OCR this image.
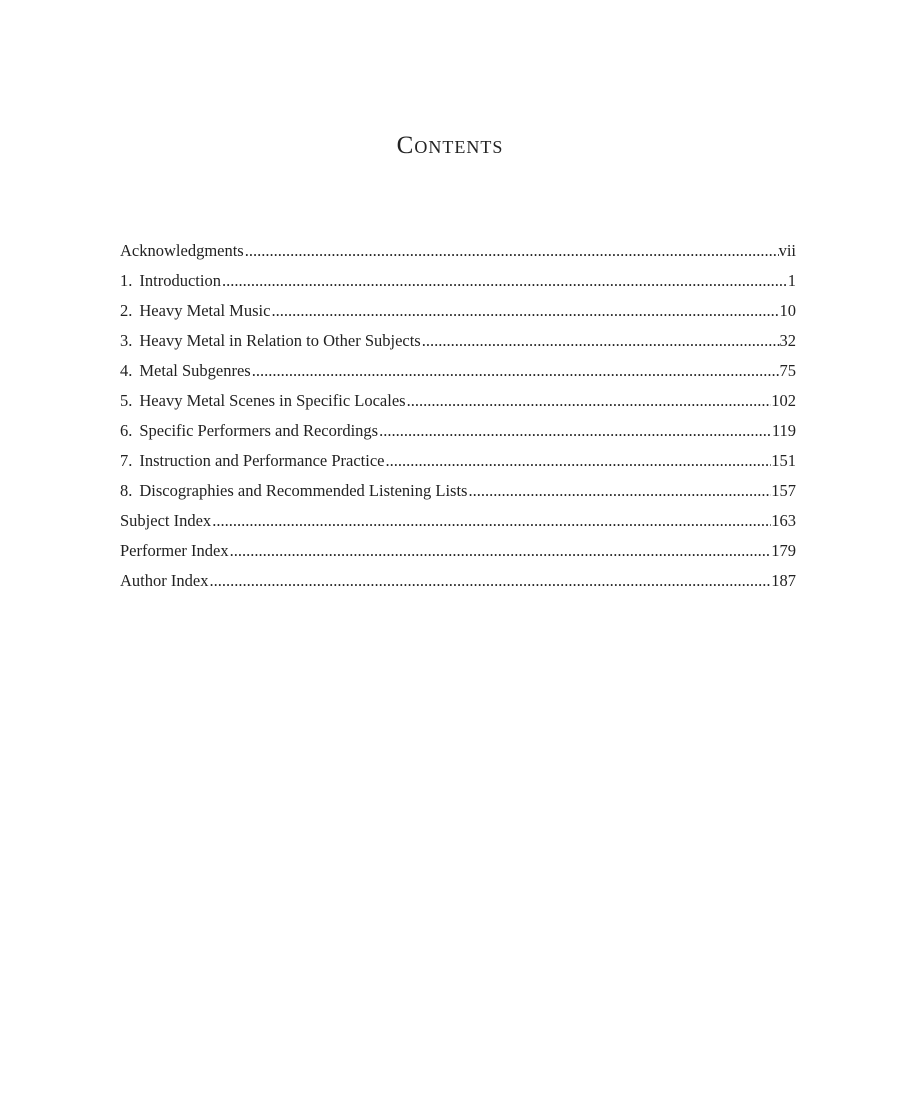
Contents
Acknowledgments .....	vii
1. Introduction .....	1
2. Heavy Metal Music .....	10
3. Heavy Metal in Relation to Other Subjects .....	32
4. Metal Subgenres .....	75
5. Heavy Metal Scenes in Specific Locales .....	102
6. Specific Performers and Recordings .....	119
7. Instruction and Performance Practice .....	151
8. Discographies and Recommended Listening Lists .....	157
Subject Index .....	163
Performer Index .....	179
Author Index .....	187
